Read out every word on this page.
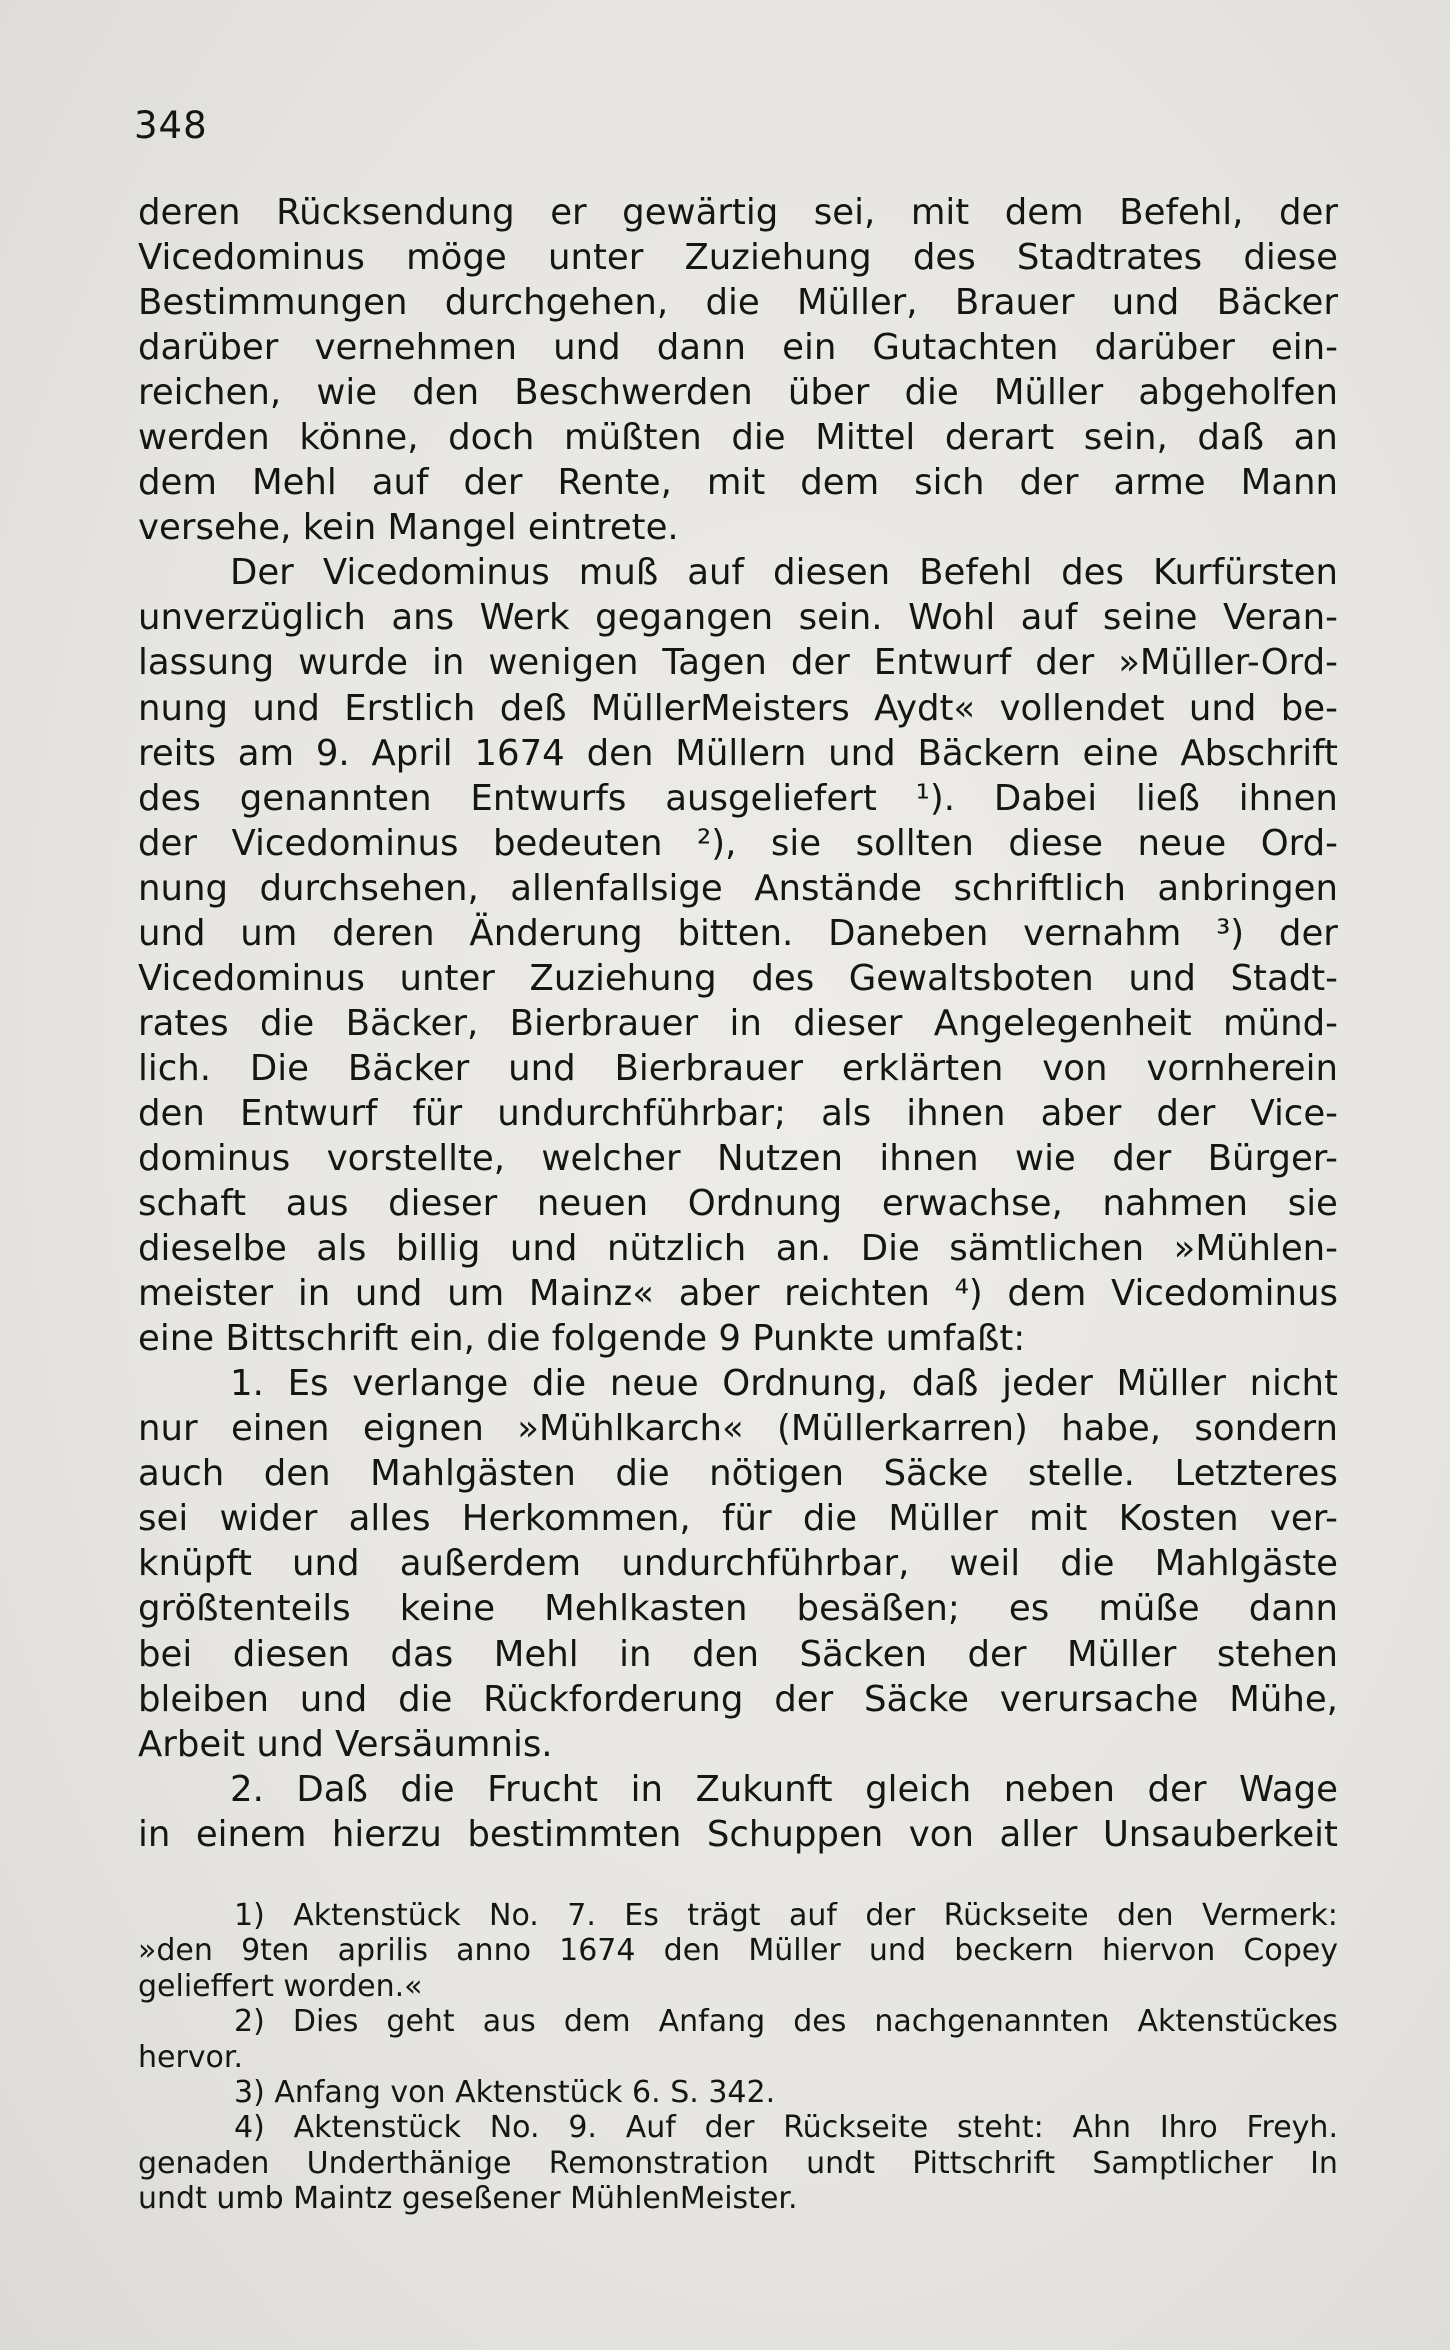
348
deren Rücksendung er gewärtig sei, mit dem Befehl, der
Vicedominus möge unter Zuziehung des Stadtrates diese
Bestimmungen durchgehen, die Müller, Brauer und Bäcker
darüber vernehmen und dann ein Gutachten darüber ein-
reichen, wie den Beschwerden über die Müller abgeholfen
werden könne, doch müßten die Mittel derart sein, daß an
dem Mehl auf der Rente, mit dem sich der arme Mann
versehe, kein Mangel eintrete.
Der Vicedominus muß auf diesen Befehl des Kurfürsten
unverzüglich ans Werk gegangen sein. Wohl auf seine Veran-
lassung wurde in wenigen Tagen der Entwurf der »Müller-Ord-
nung und Erstlich deß MüllerMeisters Aydt« vollendet und be-
reits am 9. April 1674 den Müllern und Bäckern eine Abschrift
des genannten Entwurfs ausgeliefert ¹). Dabei ließ ihnen
der Vicedominus bedeuten ²), sie sollten diese neue Ord-
nung durchsehen, allenfallsige Anstände schriftlich anbringen
und um deren Änderung bitten. Daneben vernahm ³) der
Vicedominus unter Zuziehung des Gewaltsboten und Stadt-
rates die Bäcker, Bierbrauer in dieser Angelegenheit münd-
lich. Die Bäcker und Bierbrauer erklärten von vornherein
den Entwurf für undurchführbar; als ihnen aber der Vice-
dominus vorstellte, welcher Nutzen ihnen wie der Bürger-
schaft aus dieser neuen Ordnung erwachse, nahmen sie
dieselbe als billig und nützlich an. Die sämtlichen »Mühlen-
meister in und um Mainz« aber reichten ⁴) dem Vicedominus
eine Bittschrift ein, die folgende 9 Punkte umfaßt:
1. Es verlange die neue Ordnung, daß jeder Müller nicht
nur einen eignen »Mühlkarch« (Müllerkarren) habe, sondern
auch den Mahlgästen die nötigen Säcke stelle. Letzteres
sei wider alles Herkommen, für die Müller mit Kosten ver-
knüpft und außerdem undurchführbar, weil die Mahlgäste
größtenteils keine Mehlkasten besäßen; es müße dann
bei diesen das Mehl in den Säcken der Müller stehen
bleiben und die Rückforderung der Säcke verursache Mühe,
Arbeit und Versäumnis.
2. Daß die Frucht in Zukunft gleich neben der Wage
in einem hierzu bestimmten Schuppen von aller Unsauberkeit
1) Aktenstück No. 7. Es trägt auf der Rückseite den Vermerk:
»den 9ten aprilis anno 1674 den Müller und beckern hiervon Copey
gelieffert worden.«
2) Dies geht aus dem Anfang des nachgenannten Aktenstückes
hervor.
3) Anfang von Aktenstück 6. S. 342.
4) Aktenstück No. 9. Auf der Rückseite steht: Ahn Ihro Freyh.
genaden Underthänige Remonstration undt Pittschrift Samptlicher In
undt umb Maintz geseßener MühlenMeister.
